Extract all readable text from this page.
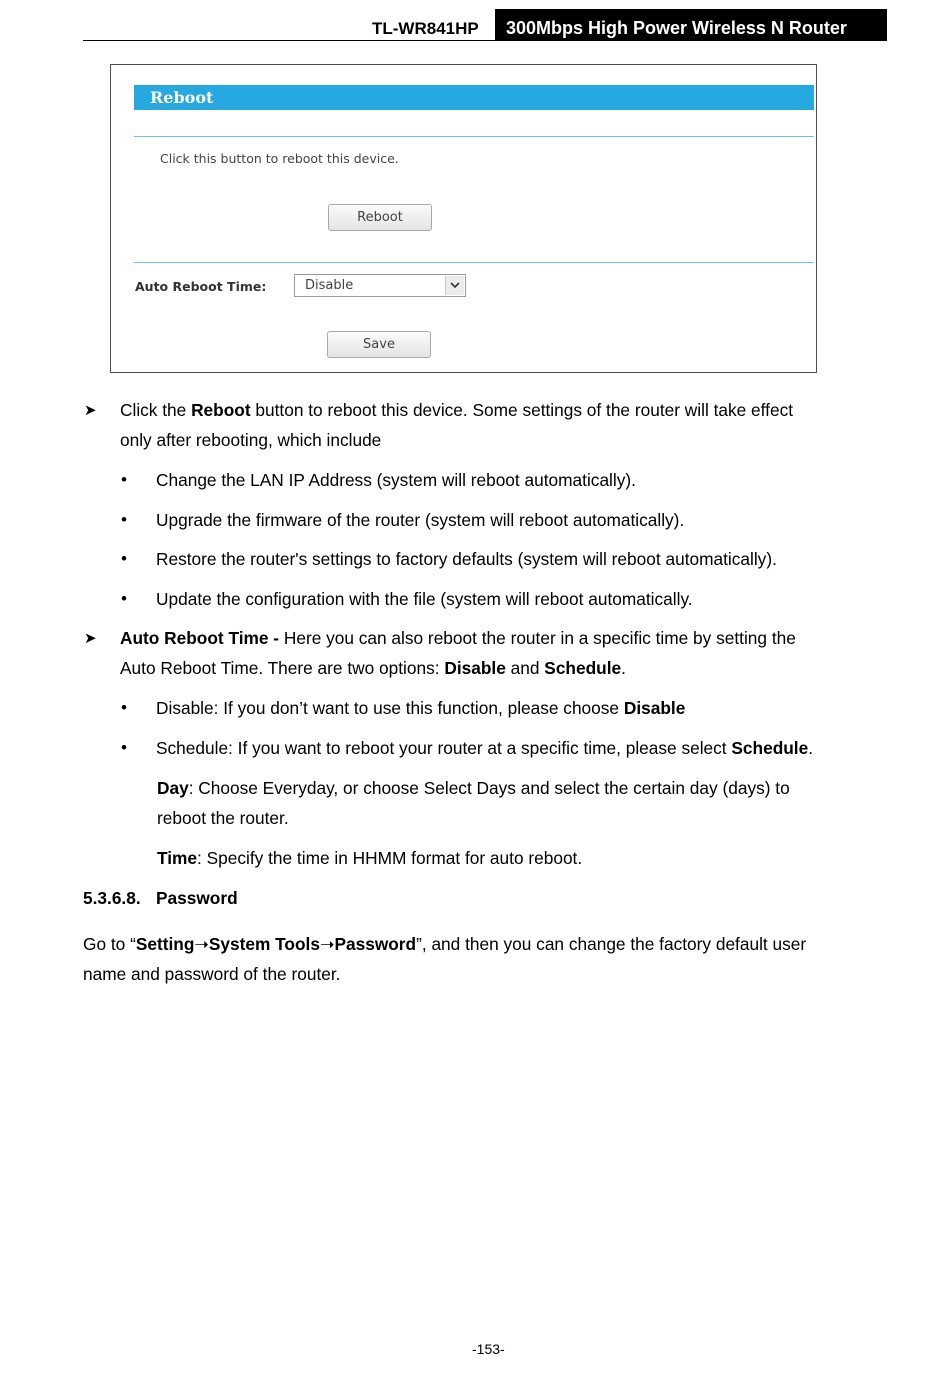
TL-WR841HP	300Mbps High Power Wireless N Router
Reboot
Click this button to reboot this device.
Reboot
Auto Reboot Time:	Disable
Save
➤ Click the Reboot button to reboot this device. Some settings of the router will take effect
only after rebooting, which include
• Change the LAN IP Address (system will reboot automatically).
• Upgrade the firmware of the router (system will reboot automatically).
• Restore the router's settings to factory defaults (system will reboot automatically).
• Update the configuration with the file (system will reboot automatically.
➤ Auto Reboot Time - Here you can also reboot the router in a specific time by setting the
Auto Reboot Time. There are two options: Disable and Schedule.
• Disable: If you don’t want to use this function, please choose Disable
• Schedule: If you want to reboot your router at a specific time, please select Schedule.
Day: Choose Everyday, or choose Select Days and select the certain day (days) to
reboot the router.
Time: Specify the time in HHMM format for auto reboot.
5.3.6.8. Password
Go to “Setting➝System Tools➝Password”, and then you can change the factory default user
name and password of the router.
-153-
